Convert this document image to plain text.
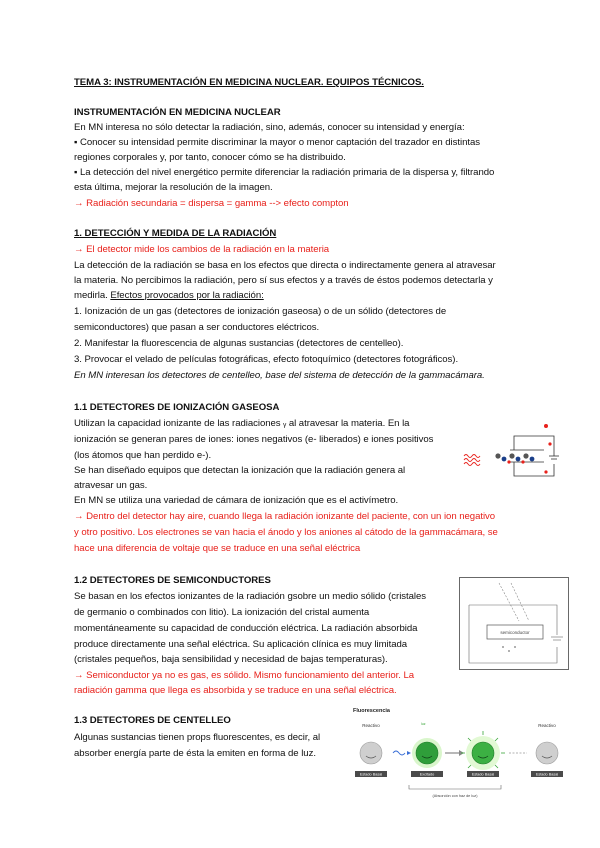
TEMA 3: INSTRUMENTACIÓN EN MEDICINA NUCLEAR. EQUIPOS TÉCNICOS.
INSTRUMENTACIÓN EN MEDICINA NUCLEAR
En MN interesa no sólo detectar la radiación, sino, además, conocer su intensidad y energía:
▪ Conocer su intensidad permite discriminar la mayor o menor captación del trazador en distintas
regiones corporales y, por tanto, conocer cómo se ha distribuido.
▪ La detección del nivel energético permite diferenciar la radiación primaria de la dispersa y, filtrando
esta última, mejorar la resolución de la imagen.
→ Radiación secundaria = dispersa = gamma --> efecto compton
1. DETECCIÓN Y MEDIDA DE LA RADIACIÓN
→ El detector mide los cambios de la radiación en la materia
La detección de la radiación se basa en los efectos que directa o indirectamente genera al atravesar
la materia. No percibimos la radiación, pero sí sus efectos y a través de éstos podemos detectarla y
medirla. Efectos provocados por la radiación:
1. Ionización de un gas (detectores de ionización gaseosa) o de un sólido (detectores de
semiconductores) que pasan a ser conductores eléctricos.
2. Manifestar la fluorescencia de algunas sustancias (detectores de centelleo).
3. Provocar el velado de películas fotográficas, efecto fotoquímico (detectores fotográficos).
En MN interesan los detectores de centelleo, base del sistema de detección de la gammacámara.
1.1 DETECTORES DE IONIZACIÓN GASEOSA
Utilizan la capacidad ionizante de las radiaciones ᵧ al atravesar la materia. En la
ionización se generan pares de iones: iones negativos (e- liberados) e iones positivos
(los átomos que han perdido e-).
Se han diseñado equipos que detectan la ionización que la radiación genera al
atravesar un gas.
En MN se utiliza una variedad de cámara de ionización que es el activímetro.
→ Dentro del detector hay aire, cuando llega la radiación ionizante del paciente, con un ion negativo
y otro positivo. Los electrones se van hacia el ánodo y los aniones al cátodo de la gammacámara, se
hace una diferencia de voltaje que se traduce en una señal eléctrica
1.2 DETECTORES DE SEMICONDUCTORES
Se basan en los efectos ionizantes de la radiación gsobre un medio sólido (cristales
de germanio o combinados con litio). La ionización del cristal aumenta
momentáneamente su capacidad de conducción eléctrica. La radiación absorbida
produce directamente una señal eléctrica. Su aplicación clínica es muy limitada
(cristales pequeños, baja sensibilidad y necesidad de bajas temperaturas).
→ Semiconductor ya no es gas, es sólido. Mismo funcionamiento del anterior. La
radiación gamma que llega es absorbida y se traduce en una señal eléctrica.
semiconductor
1.3 DETECTORES DE CENTELLEO
Algunas sustancias tienen props fluorescentes, es decir, al
absorber energía parte de ésta la emiten en forma de luz.
Fluorescencia
Reactivo	Reactivo
Estado Basal
luz
Excitado	Estado Basal	Estado Basal
(Absorción con haz de luz)
